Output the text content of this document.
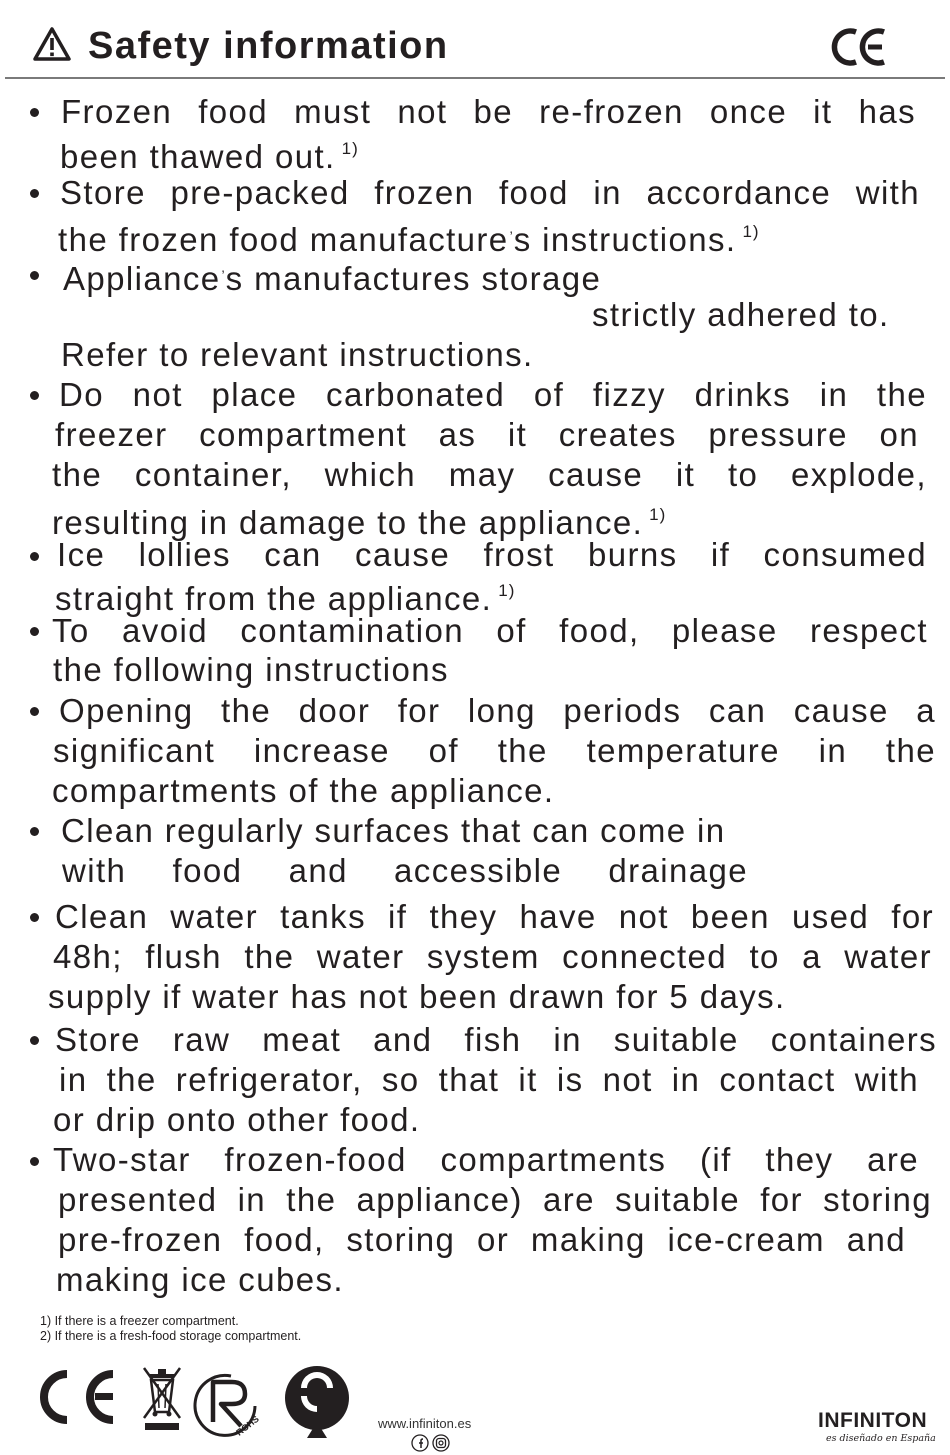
Safety information
Frozen food must not be re-frozen once it has
been thawed out. $^{1)}$
Store pre-packed frozen food in accordance with
the frozen food manufacture’s instructions. $^{1)}$
Appliance’s manufactures storage
strictly adhered to.
Refer to relevant instructions.
Do not place carbonated of fizzy drinks in the
freezer compartment as it creates pressure on
the container, which may cause it to explode,
resulting in damage to the appliance. $^{1)}$
Ice lollies can cause frost burns if consumed
straight from the appliance. $^{1)}$
To avoid contamination of food, please respect
the following instructions
Opening the door for long periods can cause a
significant increase of the temperature in the
compartments of the appliance.
Clean regularly surfaces that can come in
with food and accessible drainage
Clean water tanks if they have not been used for
48h; flush the water system connected to a water
supply if water has not been drawn for 5 days.
Store raw meat and fish in suitable containers
in the refrigerator, so that it is not in contact with
or drip onto other food.
Two-star frozen-food compartments (if they are
presented in the appliance) are suitable for storing
pre-frozen food, storing or making ice-cream and
making ice cubes.
1) If there is a freezer compartment.
2) If there is a fresh-food storage compartment.
ROHS	www.infiniton.es	INFINITON
es diseñado en España
